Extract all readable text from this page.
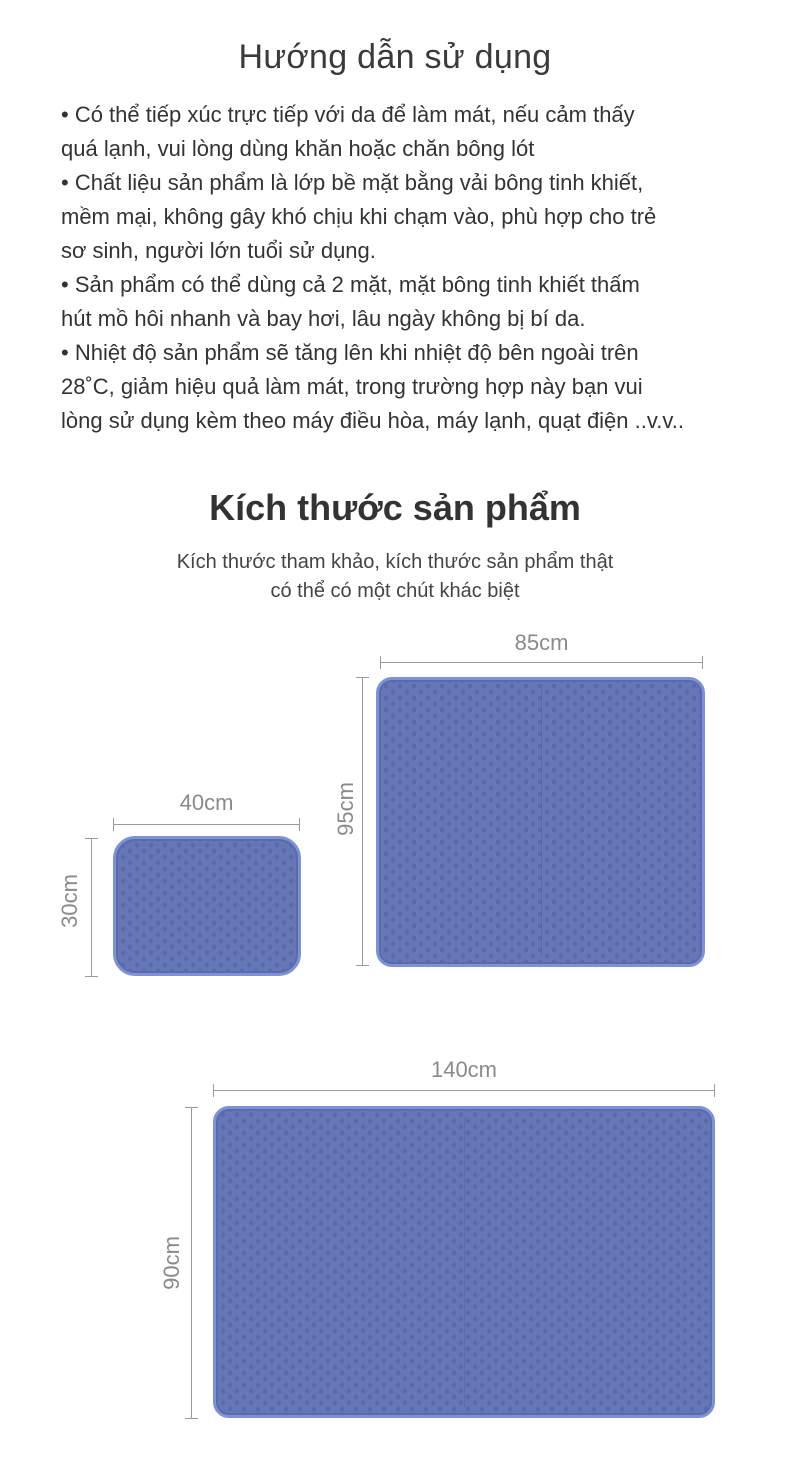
Hướng dẫn sử dụng

• Có thể tiếp xúc trực tiếp với da để làm mát, nếu cảm thấy

quá lạnh, vui lòng dùng khăn hoặc chăn bông lót

• Chất liệu sản phẩm là lớp bề mặt bằng vải bông tinh khiết,

mềm mại, không gây khó chịu khi chạm vào, phù hợp cho trẻ

sơ sinh, người lớn tuổi sử dụng.

• Sản phẩm có thể dùng cả 2 mặt, mặt bông tinh khiết thấm

hút mồ hôi nhanh và bay hơi, lâu ngày không bị bí da.

• Nhiệt độ sản phẩm sẽ tăng lên khi nhiệt độ bên ngoài trên

28˚C, giảm hiệu quả làm mát, trong trường hợp này bạn vui

lòng sử dụng kèm theo máy điều hòa, máy lạnh, quạt điện ..v.v..

Kích thước sản phẩm
Kích thước tham khảo, kích thước sản phẩm thật
có thể có một chút khác biệt
40cm
30cm
85cm
95cm
140cm
90cm
